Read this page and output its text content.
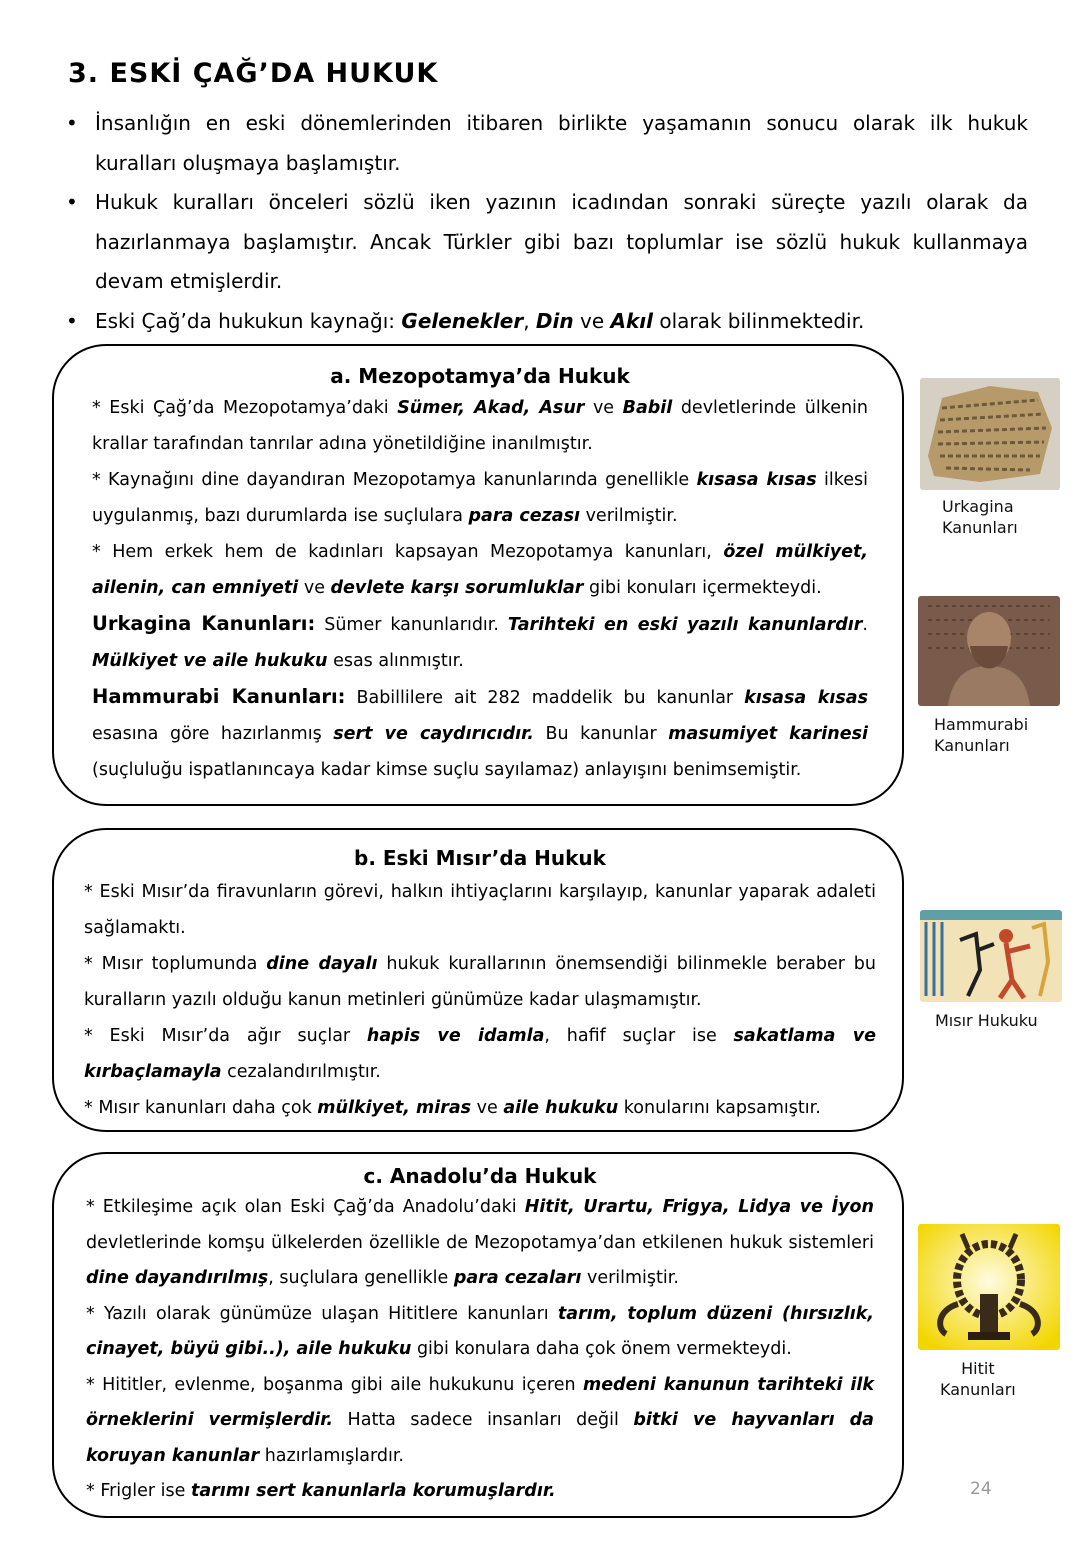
3. ESKİ ÇAĞ’DA HUKUK
• İnsanlığın en eski dönemlerinden itibaren birlikte yaşamanın sonucu olarak ilk hukuk kuralları oluşmaya başlamıştır.
• Hukuk kuralları önceleri sözlü iken yazının icadından sonraki süreçte yazılı olarak da hazırlanmaya başlamıştır. Ancak Türkler gibi bazı toplumlar ise sözlü hukuk kullanmaya devam etmişlerdir.
• Eski Çağ’da hukukun kaynağı: Gelenekler, Din ve Akıl olarak bilinmektedir.
a. Mezopotamya’da Hukuk
* Eski Çağ’da Mezopotamya’daki Sümer, Akad, Asur ve Babil devletlerinde ülkenin krallar tarafından tanrılar adına yönetildiğine inanılmıştır.
* Kaynağını dine dayandıran Mezopotamya kanunlarında genellikle kısasa kısas ilkesi uygulanmış, bazı durumlarda ise suçlulara para cezası verilmiştir.
* Hem erkek hem de kadınları kapsayan Mezopotamya kanunları, özel mülkiyet, ailenin, can emniyeti ve devlete karşı sorumluklar gibi konuları içermekteydi.
Urkagina Kanunları: Sümer kanunlarıdır. Tarihteki en eski yazılı kanunlardır. Mülkiyet ve aile hukuku esas alınmıştır.
Hammurabi Kanunları: Babillilere ait 282 maddelik bu kanunlar kısasa kısas esasına göre hazırlanmış sert ve caydırıcıdır. Bu kanunlar masumiyet karinesi (suçluluğu ispatlanıncaya kadar kimse suçlu sayılamaz) anlayışını benimsemiştir.
b. Eski Mısır’da Hukuk
* Eski Mısır’da firavunların görevi, halkın ihtiyaçlarını karşılayıp, kanunlar yaparak adaleti sağlamaktı.
* Mısır toplumunda dine dayalı hukuk kurallarının önemsendiği bilinmekle beraber bu kuralların yazılı olduğu kanun metinleri günümüze kadar ulaşmamıştır.
* Eski Mısır’da ağır suçlar hapis ve idamla, hafif suçlar ise sakatlama ve kırbaçlamayla cezalandırılmıştır.
* Mısır kanunları daha çok mülkiyet, miras ve aile hukuku konularını kapsamıştır.
c. Anadolu’da Hukuk
* Etkileşime açık olan Eski Çağ’da Anadolu’daki Hitit, Urartu, Frigya, Lidya ve İyon devletlerinde komşu ülkelerden özellikle de Mezopotamya’dan etkilenen hukuk sistemleri dine dayandırılmış, suçlulara genellikle para cezaları verilmiştir.
* Yazılı olarak günümüze ulaşan Hititlere kanunları tarım, toplum düzeni (hırsızlık, cinayet, büyü gibi..), aile hukuku gibi konulara daha çok önem vermekteydi.
* Hititler, evlenme, boşanma gibi aile hukukunu içeren medeni kanunun tarihteki ilk örneklerini vermişlerdir. Hatta sadece insanları değil bitki ve hayvanları da koruyan kanunlar hazırlamışlardır.
* Frigler ise tarımı sert kanunlarla korumuşlardır.
Urkagina
Kanunları
Hammurabi
Kanunları
Mısır Hukuku
Hitit
Kanunları
24
